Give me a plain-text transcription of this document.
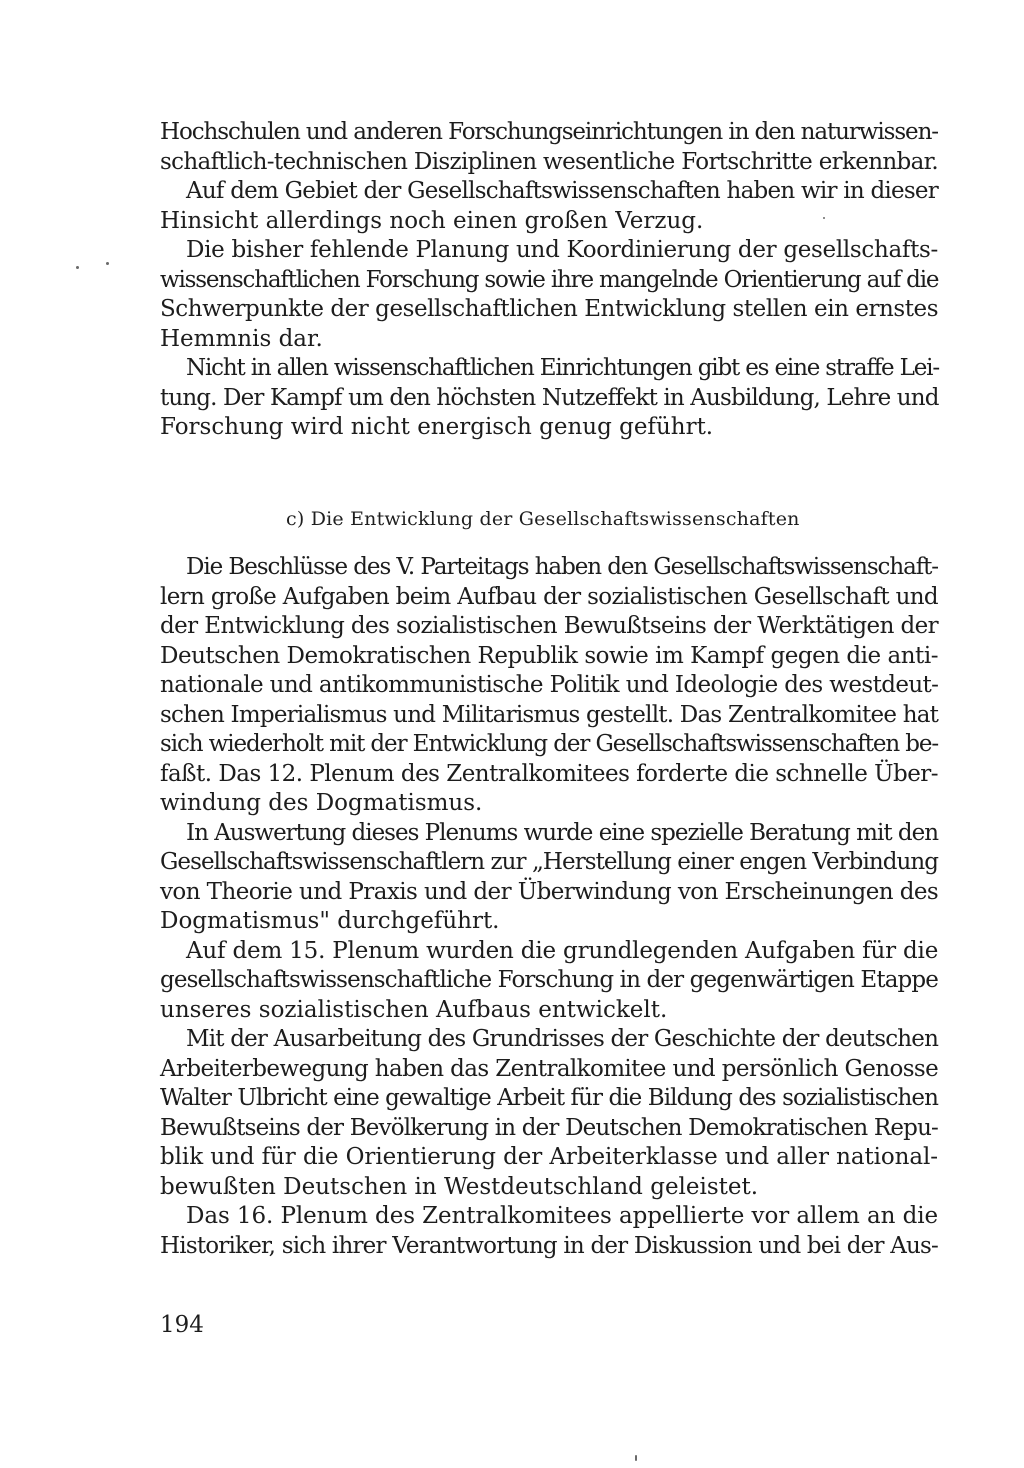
Hochschulen und anderen Forschungseinrichtungen in den naturwissen-
schaftlich-technischen Disziplinen wesentliche Fortschritte erkennbar.
Auf dem Gebiet der Gesellschaftswissenschaften haben wir in dieser
Hinsicht allerdings noch einen großen Verzug.
Die bisher fehlende Planung und Koordinierung der gesellschafts-
wissenschaftlichen Forschung sowie ihre mangelnde Orientierung auf die
Schwerpunkte der gesellschaftlichen Entwicklung stellen ein ernstes
Hemmnis dar.
Nicht in allen wissenschaftlichen Einrichtungen gibt es eine straffe Lei-
tung. Der Kampf um den höchsten Nutzeffekt in Ausbildung, Lehre und
Forschung wird nicht energisch genug geführt.
c) Die Entwicklung der Gesellschaftswissenschaften
Die Beschlüsse des V. Parteitags haben den Gesellschaftswissenschaft-
lern große Aufgaben beim Aufbau der sozialistischen Gesellschaft und
der Entwicklung des sozialistischen Bewußtseins der Werktätigen der
Deutschen Demokratischen Republik sowie im Kampf gegen die anti-
nationale und antikommunistische Politik und Ideologie des westdeut-
schen Imperialismus und Militarismus gestellt. Das Zentralkomitee hat
sich wiederholt mit der Entwicklung der Gesellschaftswissenschaften be-
faßt. Das 12. Plenum des Zentralkomitees forderte die schnelle Über-
windung des Dogmatismus.
In Auswertung dieses Plenums wurde eine spezielle Beratung mit den
Gesellschaftswissenschaftlern zur „Herstellung einer engen Verbindung
von Theorie und Praxis und der Überwindung von Erscheinungen des
Dogmatismus" durchgeführt.
Auf dem 15. Plenum wurden die grundlegenden Aufgaben für die
gesellschaftswissenschaftliche Forschung in der gegenwärtigen Etappe
unseres sozialistischen Aufbaus entwickelt.
Mit der Ausarbeitung des Grundrisses der Geschichte der deutschen
Arbeiterbewegung haben das Zentralkomitee und persönlich Genosse
Walter Ulbricht eine gewaltige Arbeit für die Bildung des sozialistischen
Bewußtseins der Bevölkerung in der Deutschen Demokratischen Repu-
blik und für die Orientierung der Arbeiterklasse und aller national-
bewußten Deutschen in Westdeutschland geleistet.
Das 16. Plenum des Zentralkomitees appellierte vor allem an die
Historiker, sich ihrer Verantwortung in der Diskussion und bei der Aus-
194
